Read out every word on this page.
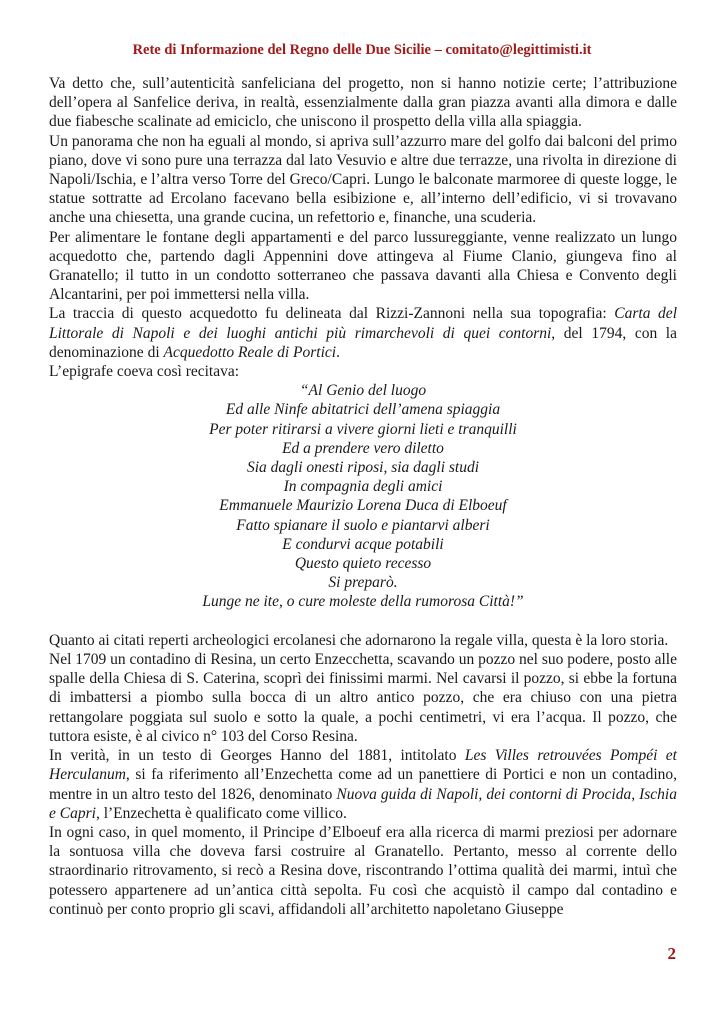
Rete di Informazione del Regno delle Due Sicilie – comitato@legittimisti.it

Va detto che, sull’autenticità sanfeliciana del progetto, non si hanno notizie certe; l’attribuzione dell’opera al Sanfelice deriva, in realtà, essenzialmente dalla gran piazza avanti alla dimora e dalle due fiabesche scalinate ad emiciclo, che uniscono il prospetto della villa alla spiaggia.

Un panorama che non ha eguali al mondo, si apriva sull’azzurro mare del golfo dai balconi del primo piano, dove vi sono pure una terrazza dal lato Vesuvio e altre due terrazze, una rivolta in direzione di Napoli/Ischia, e l’altra verso Torre del Greco/Capri. Lungo le balconate marmoree di queste logge, le statue sottratte ad Ercolano facevano bella esibizione e, all’interno dell’edificio, vi si trovavano anche una chiesetta, una grande cucina, un refettorio e, finanche, una scuderia.

Per alimentare le fontane degli appartamenti e del parco lussureggiante, venne realizzato un lungo acquedotto che, partendo dagli Appennini dove attingeva al Fiume Clanio, giungeva fino al Granatello; il tutto in un condotto sotterraneo che passava davanti alla Chiesa e Convento degli Alcantarini, per poi immettersi nella villa.

La traccia di questo acquedotto fu delineata dal Rizzi-Zannoni nella sua topografia: Carta del Littorale di Napoli e dei luoghi antichi più rimarchevoli di quei contorni, del 1794, con la denominazione di Acquedotto Reale di Portici.

L’epigrafe coeva così recitava:

“Al Genio del luogo
Ed alle Ninfe abitatrici dell’amena spiaggia
Per poter ritirarsi a vivere giorni lieti e tranquilli
Ed a prendere vero diletto
Sia dagli onesti riposi, sia dagli studi
In compagnia degli amici
Emmanuele Maurizio Lorena Duca di Elboeuf
Fatto spianare il suolo e piantarvi alberi
E condurvi acque potabili
Questo quieto recesso
Si preparò.
Lunge ne ite, o cure moleste della rumorosa Città!”

Quanto ai citati reperti archeologici ercolanesi che adornarono la regale villa, questa è la loro storia.

Nel 1709 un contadino di Resina, un certo Enzecchetta, scavando un pozzo nel suo podere, posto alle spalle della Chiesa di S. Caterina, scoprì dei finissimi marmi. Nel cavarsi il pozzo, si ebbe la fortuna di imbattersi a piombo sulla bocca di un altro antico pozzo, che era chiuso con una pietra rettangolare poggiata sul suolo e sotto la quale, a pochi centimetri, vi era l’acqua. Il pozzo, che tuttora esiste, è al civico n° 103 del Corso Resina.

In verità, in un testo di Georges Hanno del 1881, intitolato Les Villes retrouvées Pompéi et Herculanum, si fa riferimento all’Enzechetta come ad un panettiere di Portici e non un contadino, mentre in un altro testo del 1826, denominato Nuova guida di Napoli, dei contorni di Procida, Ischia e Capri, l’Enzechetta è qualificato come villico.

In ogni caso, in quel momento, il Principe d’Elboeuf era alla ricerca di marmi preziosi per adornare la sontuosa villa che doveva farsi costruire al Granatello. Pertanto, messo al corrente dello straordinario ritrovamento, si recò a Resina dove, riscontrando l’ottima qualità dei marmi, intuì che potessero appartenere ad un’antica città sepolta. Fu così che acquistò il campo dal contadino e continuò per conto proprio gli scavi, affidandoli all’architetto napoletano Giuseppe

2
